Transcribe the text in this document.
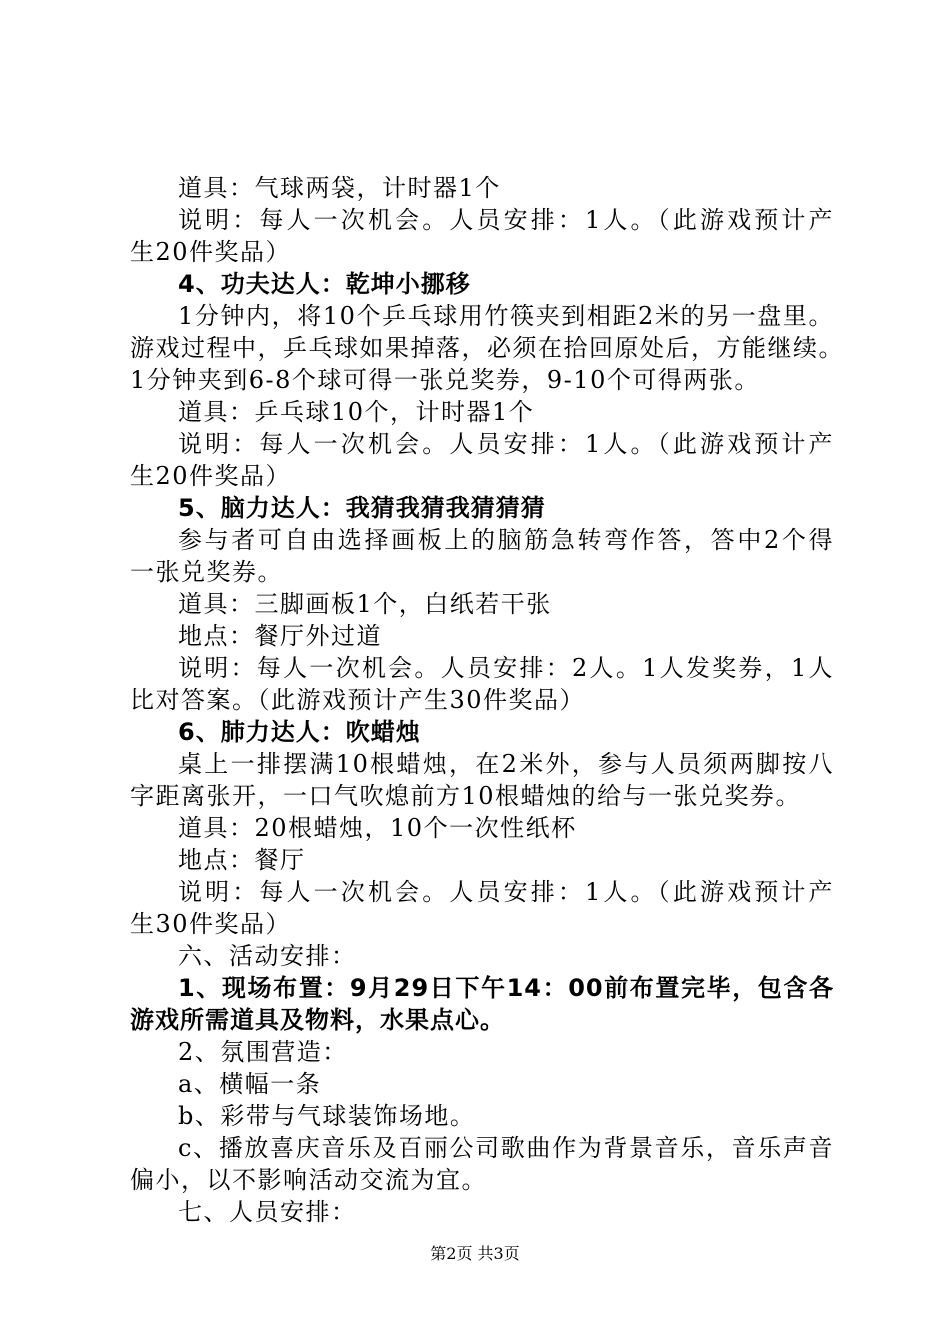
道具：气球两袋，计时器1个
说明：每人一次机会。人员安排：1人。（此游戏预计产
生20件奖品）
4、功夫达人：乾坤小挪移
1分钟内，将10个乒乓球用竹筷夹到相距2米的另一盘里。
游戏过程中，乒乓球如果掉落，必须在拾回原处后，方能继续。
1分钟夹到6-8个球可得一张兑奖券，9-10个可得两张。
道具：乒乓球10个，计时器1个
说明：每人一次机会。人员安排：1人。（此游戏预计产
生20件奖品）
5、脑力达人：我猜我猜我猜猜猜
参与者可自由选择画板上的脑筋急转弯作答，答中2个得
一张兑奖券。
道具：三脚画板1个，白纸若干张
地点：餐厅外过道
说明：每人一次机会。人员安排：2人。1人发奖券，1人
比对答案。（此游戏预计产生30件奖品）
6、肺力达人：吹蜡烛
桌上一排摆满10根蜡烛，在2米外，参与人员须两脚按八
字距离张开，一口气吹熄前方10根蜡烛的给与一张兑奖券。
道具：20根蜡烛，10个一次性纸杯
地点：餐厅
说明：每人一次机会。人员安排：1人。（此游戏预计产
生30件奖品）
六、活动安排：
1、现场布置：9月29日下午14：00前布置完毕，包含各
游戏所需道具及物料，水果点心。
2、氛围营造：
a、横幅一条
b、彩带与气球装饰场地。
c、播放喜庆音乐及百丽公司歌曲作为背景音乐，音乐声音
偏小，以不影响活动交流为宜。
七、人员安排：
第2页 共3页
